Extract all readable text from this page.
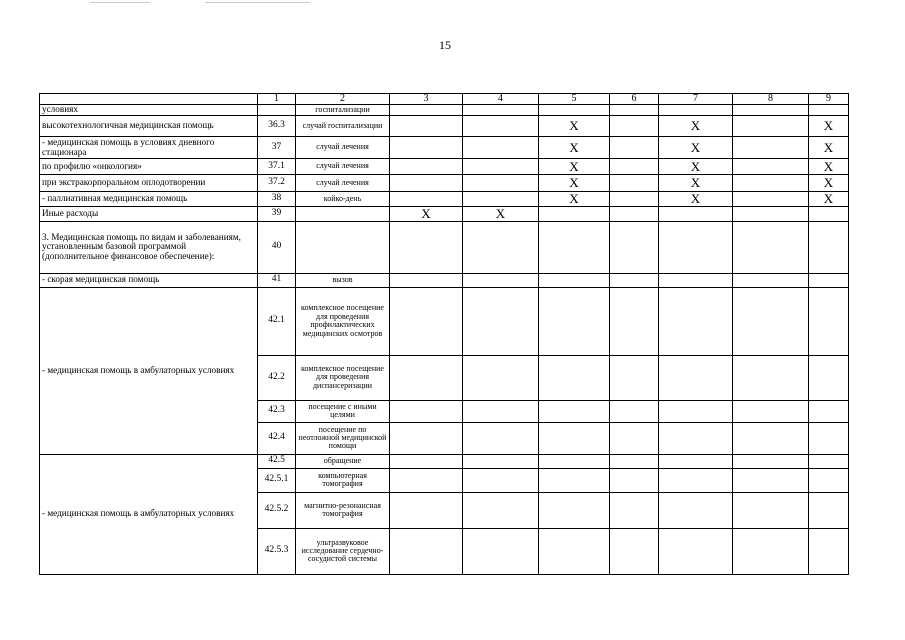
15
	1	2	3	4	5	6	7	8	9
условиях		госпитализации							
высокотехнологичная медицинская помощь	36.3	случай госпитализации			X		X		X
- медицинская помощь в условиях дневного стационара	37	случай лечения			X		X		X
по профилю «онкология»	37.1	случай лечения			X		X		X
при экстракорпоральном оплодотворении	37.2	случай лечения			X		X		X
- паллиативная медицинская помощь	38	койко-день			X		X		X
Иные расходы	39		X	X					
3. Медицинская помощь по видам и заболеваниям, установленным базовой программой (дополнительное финансовое обеспечение):	40								
- скорая медицинская помощь	41	вызов							
- медицинская помощь в амбулаторных условиях	42.1	комплексное посещение для проведения профилактических медицинских осмотров							
	42.2	комплексное посещение для проведения диспансеризации							
	42.3	посещение с иными целями							
	42.4	посещение по неотложной медицинской помощи							
- медицинская помощь в амбулаторных условиях	42.5	обращение							
	42.5.1	компьютерная томография							
	42.5.2	магнитно-резонансная томография							
	42.5.3	ультразвуковое исследование сердечно-сосудистой системы							
